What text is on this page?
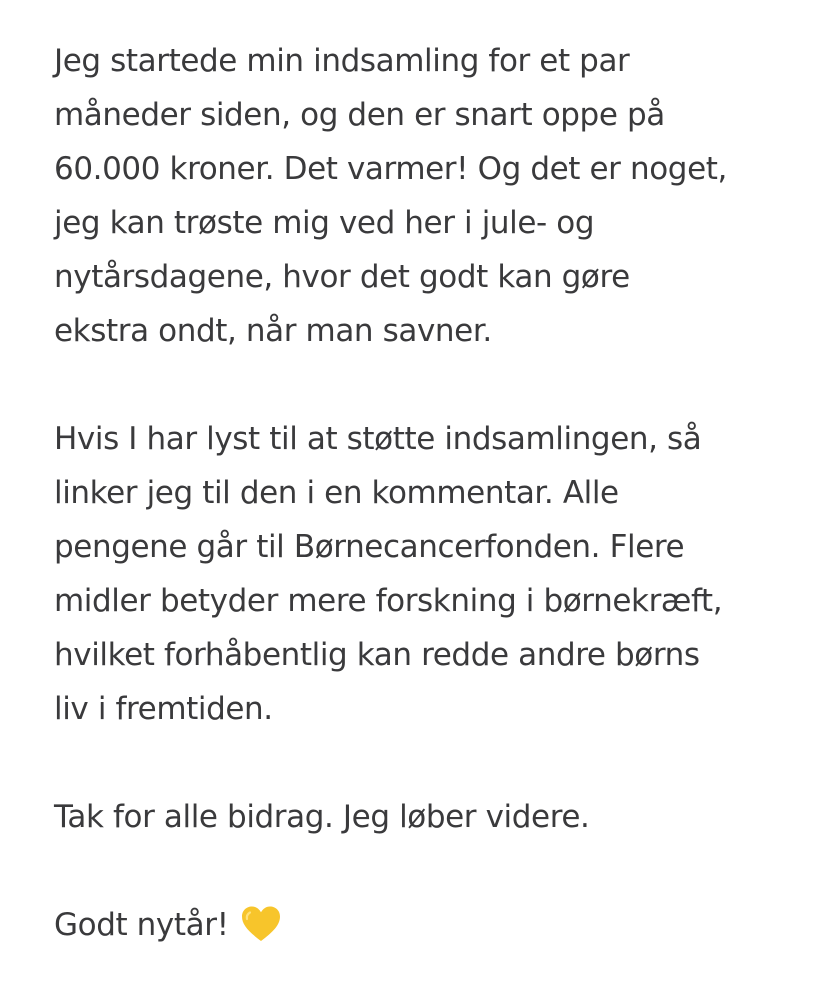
Jeg startede min indsamling for et par
måneder siden, og den er snart oppe på
60.000 kroner. Det varmer! Og det er noget,
jeg kan trøste mig ved her i jule- og
nytårsdagene, hvor det godt kan gøre
ekstra ondt, når man savner.
Hvis I har lyst til at støtte indsamlingen, så
linker jeg til den i en kommentar. Alle
pengene går til Børnecancerfonden. Flere
midler betyder mere forskning i børnekræft,
hvilket forhåbentlig kan redde andre børns
liv i fremtiden.
Tak for alle bidrag. Jeg løber videre.
Godt nytår!
